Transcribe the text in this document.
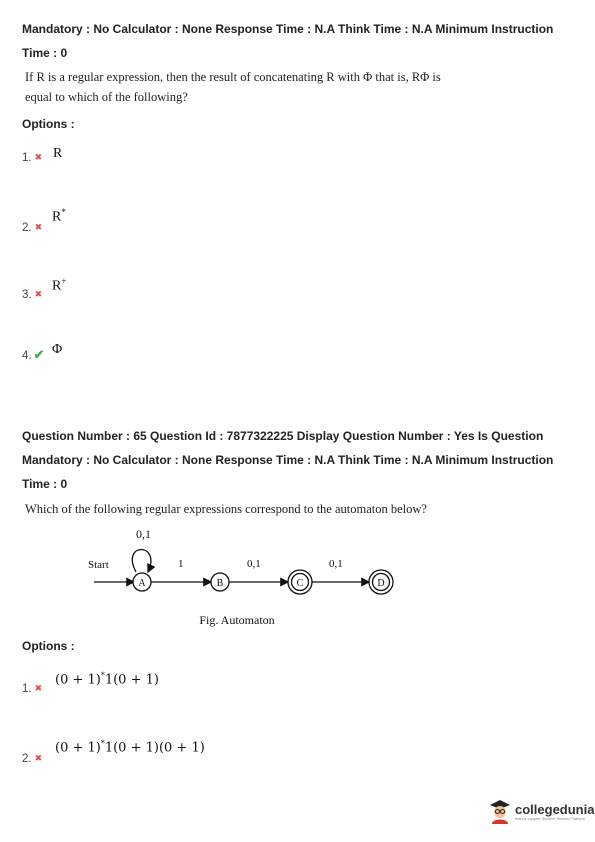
Mandatory : No Calculator : None Response Time : N.A Think Time : N.A Minimum Instruction
Time : 0
If R is a regular expression, then the result of concatenating R with Φ that is, RΦ is
equal to which of the following?
Options :
1. ✖ R
2. ✖
R*
3. ✖
R+
4. ✔ Φ
Question Number : 65 Question Id : 7877322225 Display Question Number : Yes Is Question
Mandatory : No Calculator : None Response Time : N.A Think Time : N.A Minimum Instruction
Time : 0
Which of the following regular expressions correspond to the automaton below?
0,1
Start
A
1
B
0,1
C
0,1
D
Fig. Automaton
Options :
1. ✖
(0 + 1)*1(0 + 1)
2. ✖
(0 + 1)*1(0 + 1)(0 + 1)
collegedunia
India's Largest Student Review Platform
